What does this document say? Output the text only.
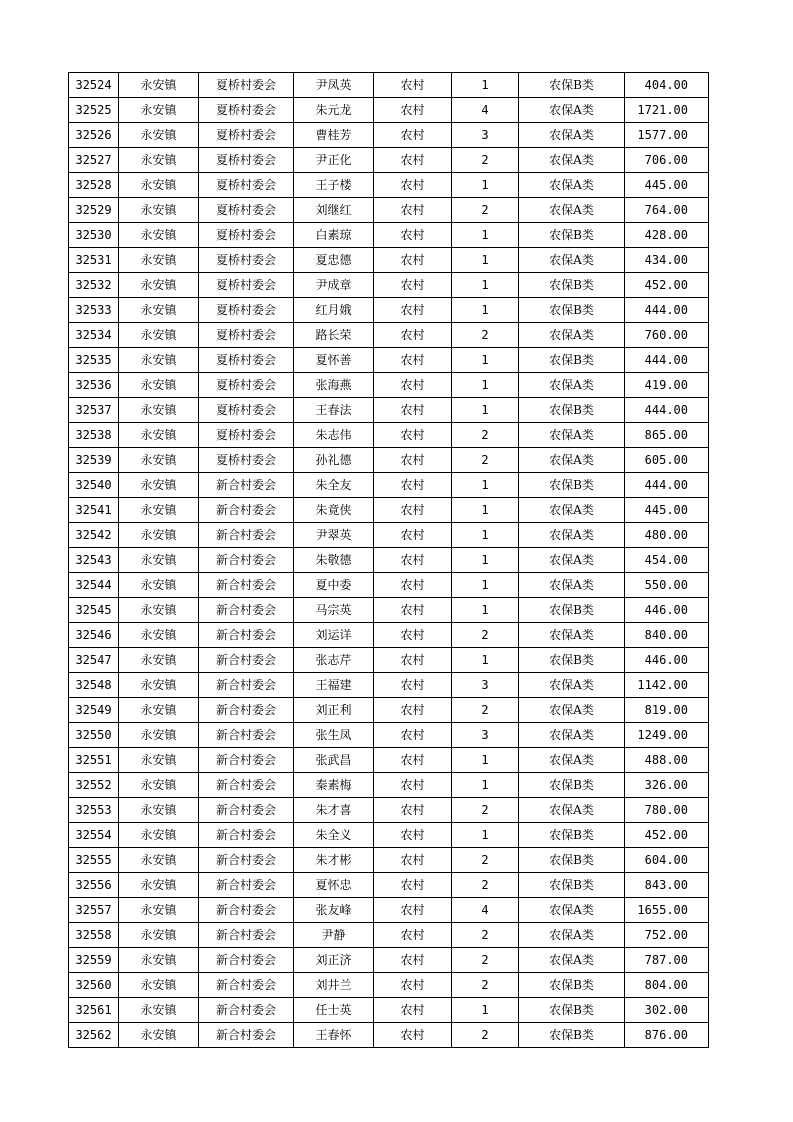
32524	永安镇	夏桥村委会	尹凤英	农村	1	农保B类	404.00
32525	永安镇	夏桥村委会	朱元龙	农村	4	农保A类	1721.00
32526	永安镇	夏桥村委会	曹桂芳	农村	3	农保A类	1577.00
32527	永安镇	夏桥村委会	尹正化	农村	2	农保A类	706.00
32528	永安镇	夏桥村委会	王子楼	农村	1	农保A类	445.00
32529	永安镇	夏桥村委会	刘继红	农村	2	农保A类	764.00
32530	永安镇	夏桥村委会	白素琼	农村	1	农保B类	428.00
32531	永安镇	夏桥村委会	夏忠德	农村	1	农保A类	434.00
32532	永安镇	夏桥村委会	尹成章	农村	1	农保B类	452.00
32533	永安镇	夏桥村委会	红月娥	农村	1	农保B类	444.00
32534	永安镇	夏桥村委会	路长荣	农村	2	农保A类	760.00
32535	永安镇	夏桥村委会	夏怀善	农村	1	农保B类	444.00
32536	永安镇	夏桥村委会	张海燕	农村	1	农保A类	419.00
32537	永安镇	夏桥村委会	王春法	农村	1	农保B类	444.00
32538	永安镇	夏桥村委会	朱志伟	农村	2	农保A类	865.00
32539	永安镇	夏桥村委会	孙礼德	农村	2	农保A类	605.00
32540	永安镇	新合村委会	朱全友	农村	1	农保B类	444.00
32541	永安镇	新合村委会	朱竟侠	农村	1	农保A类	445.00
32542	永安镇	新合村委会	尹翠英	农村	1	农保A类	480.00
32543	永安镇	新合村委会	朱敬德	农村	1	农保A类	454.00
32544	永安镇	新合村委会	夏中委	农村	1	农保A类	550.00
32545	永安镇	新合村委会	马宗英	农村	1	农保B类	446.00
32546	永安镇	新合村委会	刘运详	农村	2	农保A类	840.00
32547	永安镇	新合村委会	张志芹	农村	1	农保B类	446.00
32548	永安镇	新合村委会	王福建	农村	3	农保A类	1142.00
32549	永安镇	新合村委会	刘正利	农村	2	农保A类	819.00
32550	永安镇	新合村委会	张生凤	农村	3	农保A类	1249.00
32551	永安镇	新合村委会	张武昌	农村	1	农保A类	488.00
32552	永安镇	新合村委会	秦素梅	农村	1	农保B类	326.00
32553	永安镇	新合村委会	朱才喜	农村	2	农保A类	780.00
32554	永安镇	新合村委会	朱全义	农村	1	农保B类	452.00
32555	永安镇	新合村委会	朱才彬	农村	2	农保B类	604.00
32556	永安镇	新合村委会	夏怀忠	农村	2	农保B类	843.00
32557	永安镇	新合村委会	张友峰	农村	4	农保A类	1655.00
32558	永安镇	新合村委会	尹静	农村	2	农保A类	752.00
32559	永安镇	新合村委会	刘正济	农村	2	农保A类	787.00
32560	永安镇	新合村委会	刘井兰	农村	2	农保B类	804.00
32561	永安镇	新合村委会	任士英	农村	1	农保B类	302.00
32562	永安镇	新合村委会	王春怀	农村	2	农保B类	876.00
